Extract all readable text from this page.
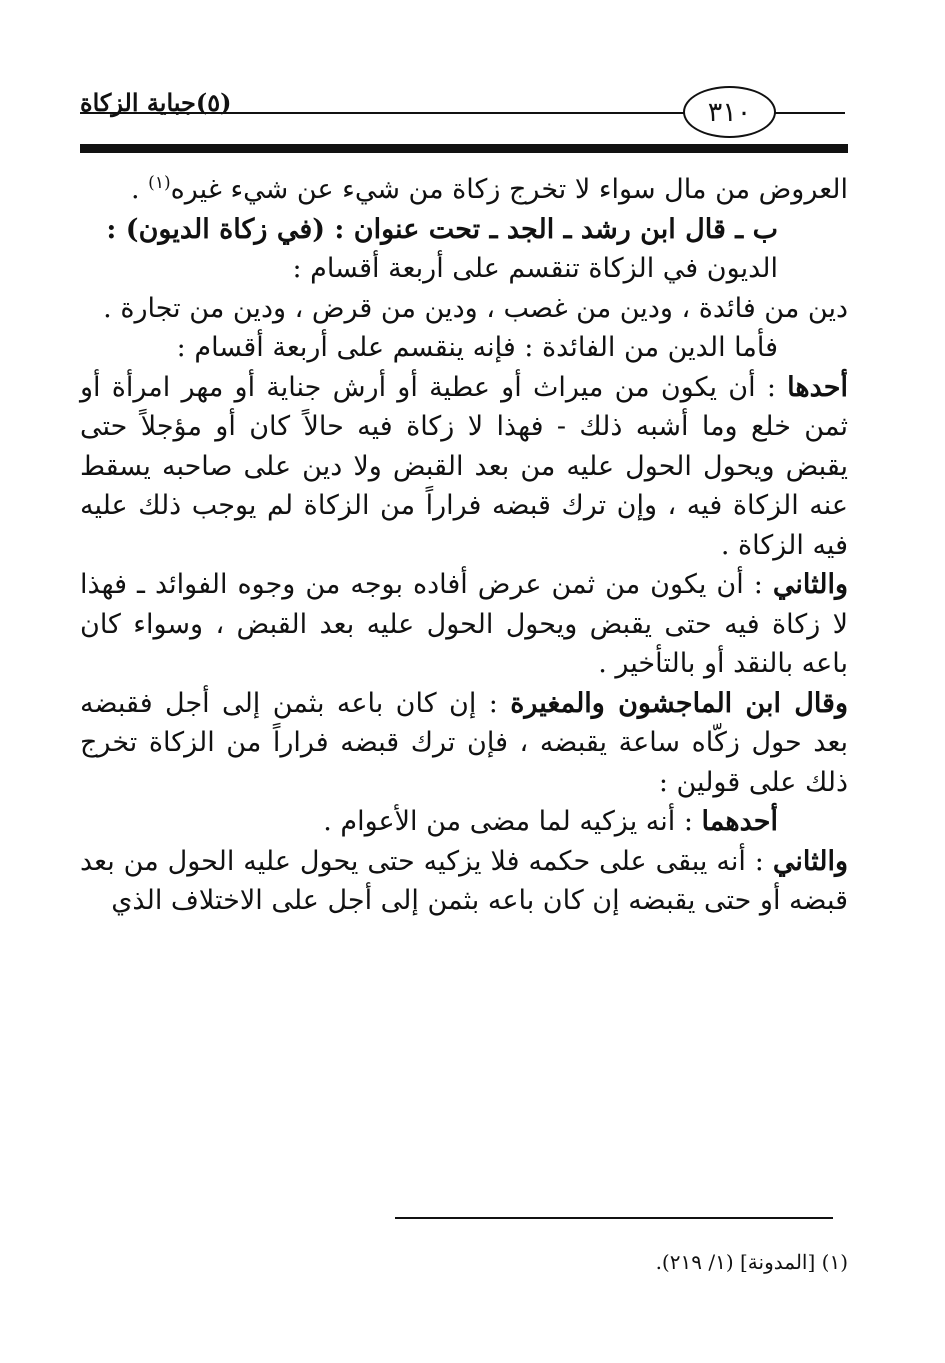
٣١٠
(٥)جباية الزكاة

العروض من مال سواء لا تخرج زكاة من شيء عن شيء غيره$^{(١)}$ .

ب ـ قال ابن رشد ـ الجد ـ تحت عنوان : (في زكاة الديون) :

الديون في الزكاة تنقسم على أربعة أقسام :

دين من فائدة ، ودين من غصب ، ودين من قرض ، ودين من تجارة .

فأما الدين من الفائدة : فإنه ينقسم على أربعة أقسام :

أحدها : أن يكون من ميراث أو عطية أو أرش جناية أو مهر امرأة أو ثمن خلع وما أشبه ذلك - فهذا لا زكاة فيه حالاً كان أو مؤجلاً حتى يقبض ويحول الحول عليه من بعد القبض ولا دين على صاحبه يسقط عنه الزكاة فيه ، وإن ترك قبضه فراراً من الزكاة لم يوجب ذلك عليه فيه الزكاة .

والثاني : أن يكون من ثمن عرض أفاده بوجه من وجوه الفوائد ـ فهذا لا زكاة فيه حتى يقبض ويحول الحول عليه بعد القبض ، وسواء كان باعه بالنقد أو بالتأخير .

وقال ابن الماجشون والمغيرة : إن كان باعه بثمن إلى أجل فقبضه بعد حول زكّاه ساعة يقبضه ، فإن ترك قبضه فراراً من الزكاة تخرج ذلك على قولين :

أحدهما : أنه يزكيه لما مضى من الأعوام .

والثاني : أنه يبقى على حكمه فلا يزكيه حتى يحول عليه الحول من بعد قبضه أو حتى يقبضه إن كان باعه بثمن إلى أجل على الاختلاف الذي

(١) [المدونة] (١/ ٢١٩).
